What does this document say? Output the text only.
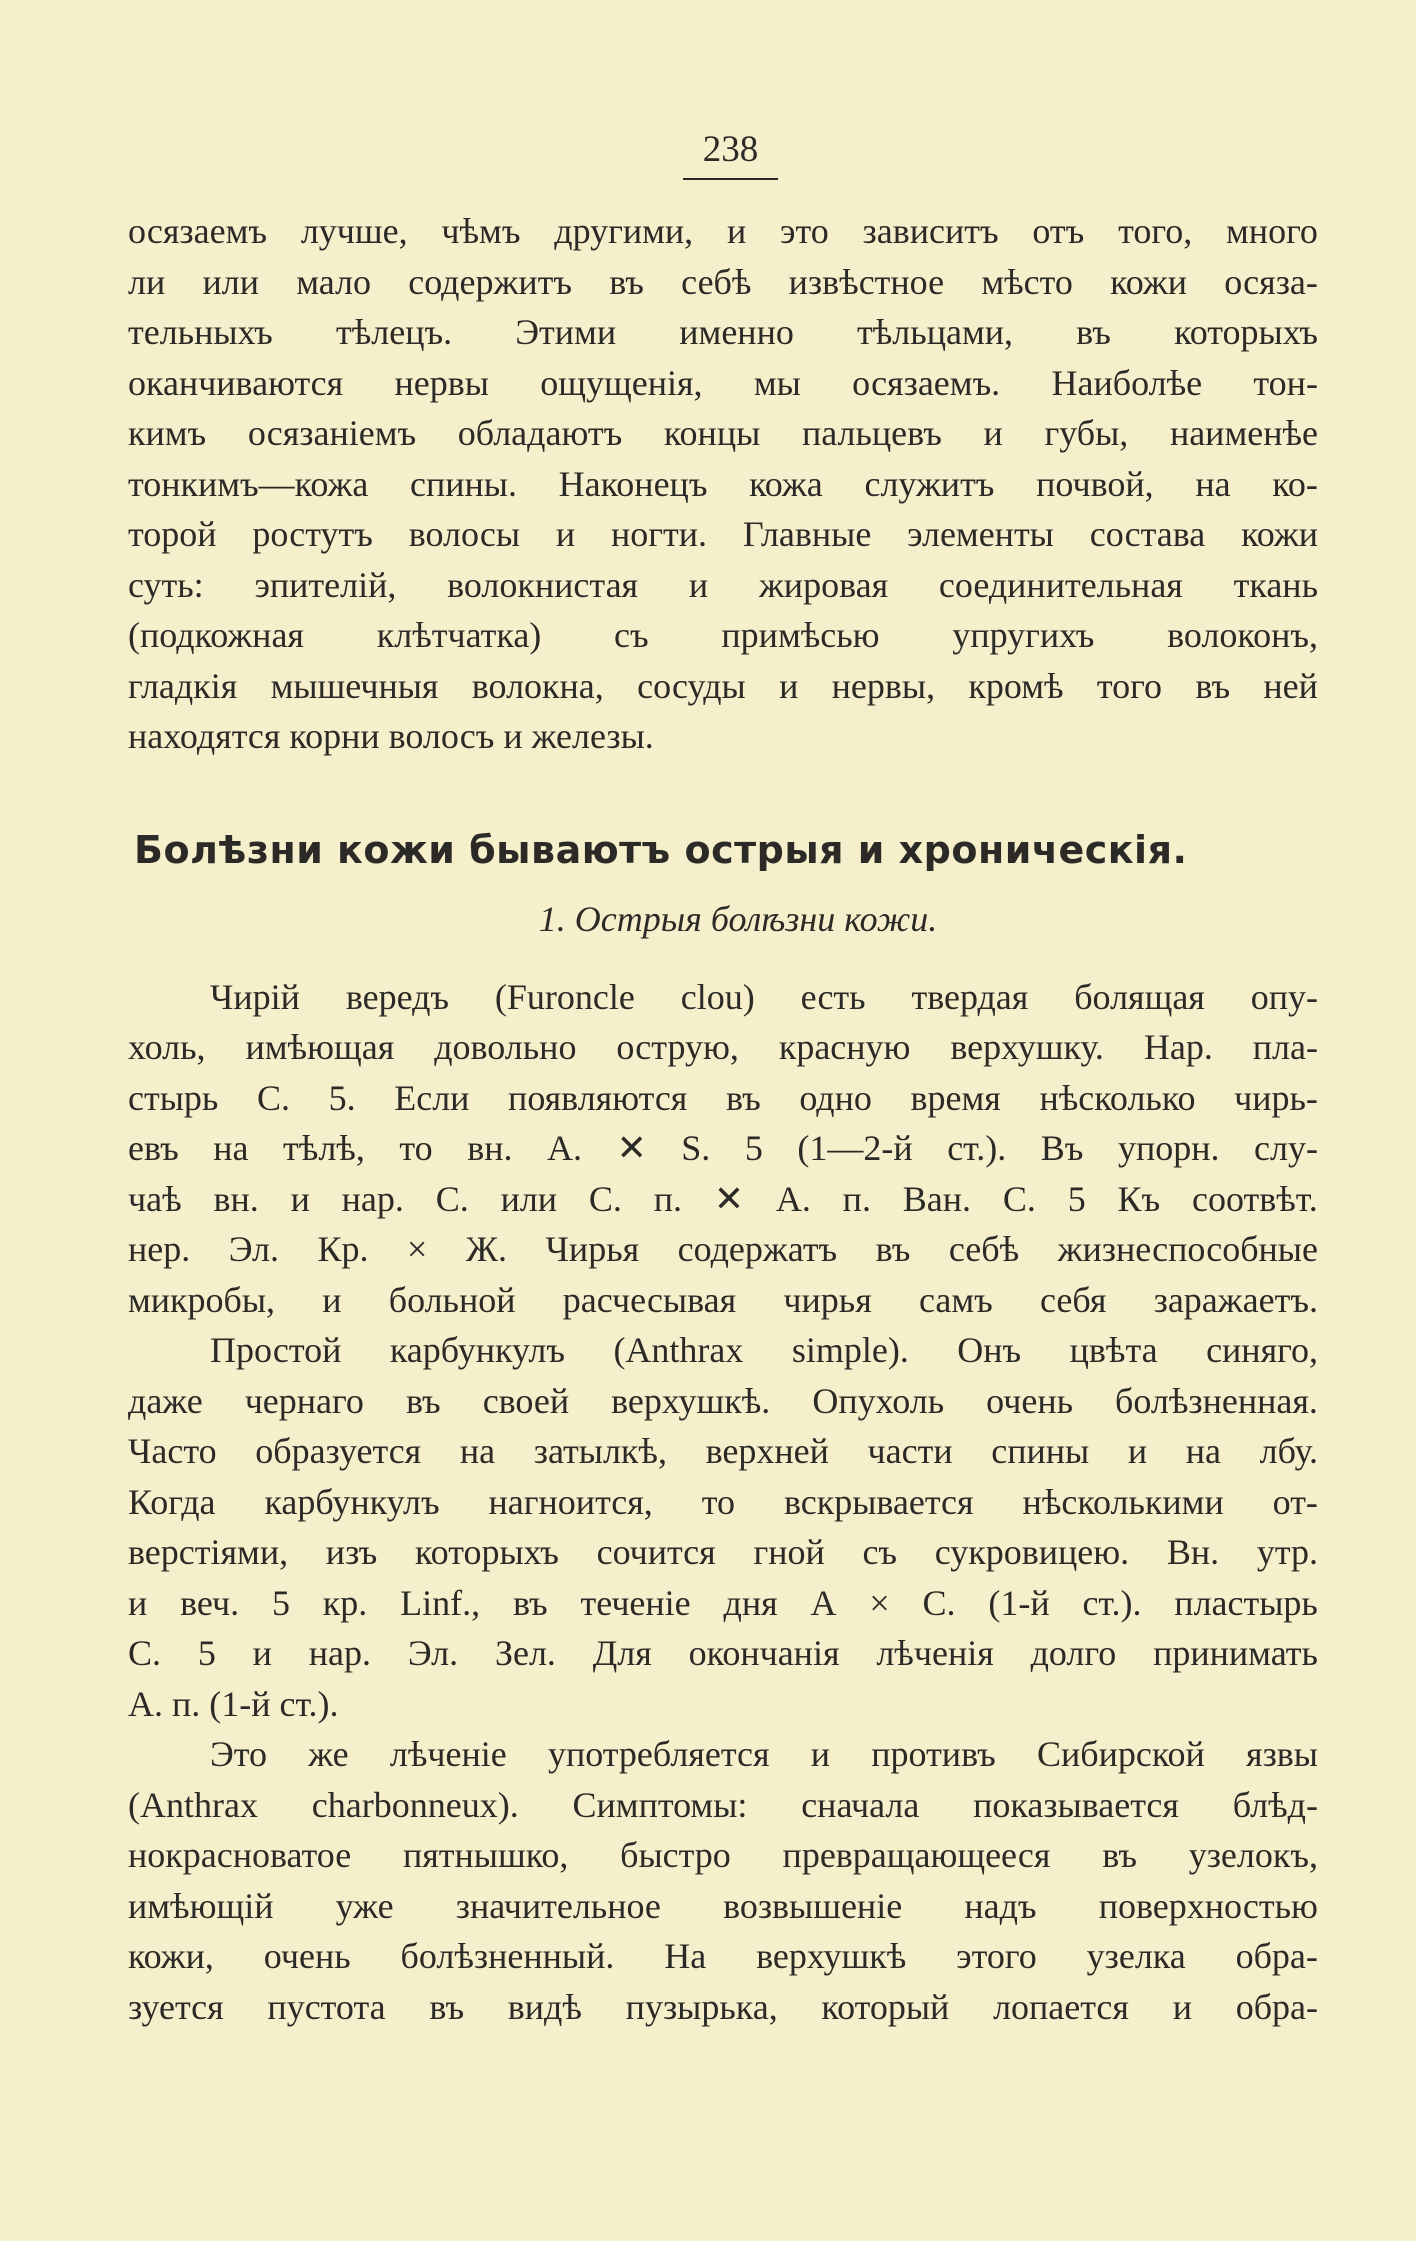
238
осязаемъ лучше, чѣмъ другими, и это зависитъ отъ того, много
ли или мало содержитъ въ себѣ извѣстное мѣсто кожи осяза-
тельныхъ тѣлецъ. Этими именно тѣльцами, въ которыхъ
оканчиваются нервы ощущенія, мы осязаемъ. Наиболѣе тон-
кимъ осязаніемъ обладаютъ концы пальцевъ и губы, наименѣе
тонкимъ—кожа спины. Наконецъ кожа служитъ почвой, на ко-
торой ростутъ волосы и ногти. Главные элементы состава кожи
суть: эпителій, волокнистая и жировая соединительная ткань
(подкожная клѣтчатка) съ примѣсью упругихъ волоконъ,
гладкія мышечныя волокна, сосуды и нервы, кромѣ того въ ней
находятся корни волосъ и железы.
Болѣзни кожи бываютъ острыя и хроническія.
1. Острыя болѣзни кожи.
Чирій вередъ (Furoncle clou) есть твердая болящая опу-
холь, имѣющая довольно острую, красную верхушку. Нар. пла-
стырь С. 5. Если появляются въ одно время нѣсколько чирь-
евъ на тѣлѣ, то вн. А. ✕ S. 5 (1—2-й ст.). Въ упорн. слу-
чаѣ вн. и нар. С. или С. п. ✕ А. п. Ван. С. 5 Къ соотвѣт.
нер. Эл. Кр. × Ж. Чирья содержатъ въ себѣ жизнеспособные
микробы, и больной расчесывая чирья самъ себя заражаетъ.
Простой карбункулъ (Anthrax simple). Онъ цвѣта синяго,
даже чернаго въ своей верхушкѣ. Опухоль очень болѣзненная.
Часто образуется на затылкѣ, верхней части спины и на лбу.
Когда карбункулъ нагноится, то вскрывается нѣсколькими от-
верстіями, изъ которыхъ сочится гной съ сукровицею. Вн. утр.
и веч. 5 кр. Linf., въ теченіе дня А × С. (1-й ст.). пластырь
С. 5 и нар. Эл. Зел. Для окончанія лѣченія долго принимать
А. п. (1-й ст.).
Это же лѣченіе употребляется и противъ Сибирской язвы
(Anthrax charbonneux). Симптомы: сначала показывается блѣд-
нокрасноватое пятнышко, быстро превращающееся въ узелокъ,
имѣющій уже значительное возвышеніе надъ поверхностью
кожи, очень болѣзненный. На верхушкѣ этого узелка обра-
зуется пустота въ видѣ пузырька, который лопается и обра-
